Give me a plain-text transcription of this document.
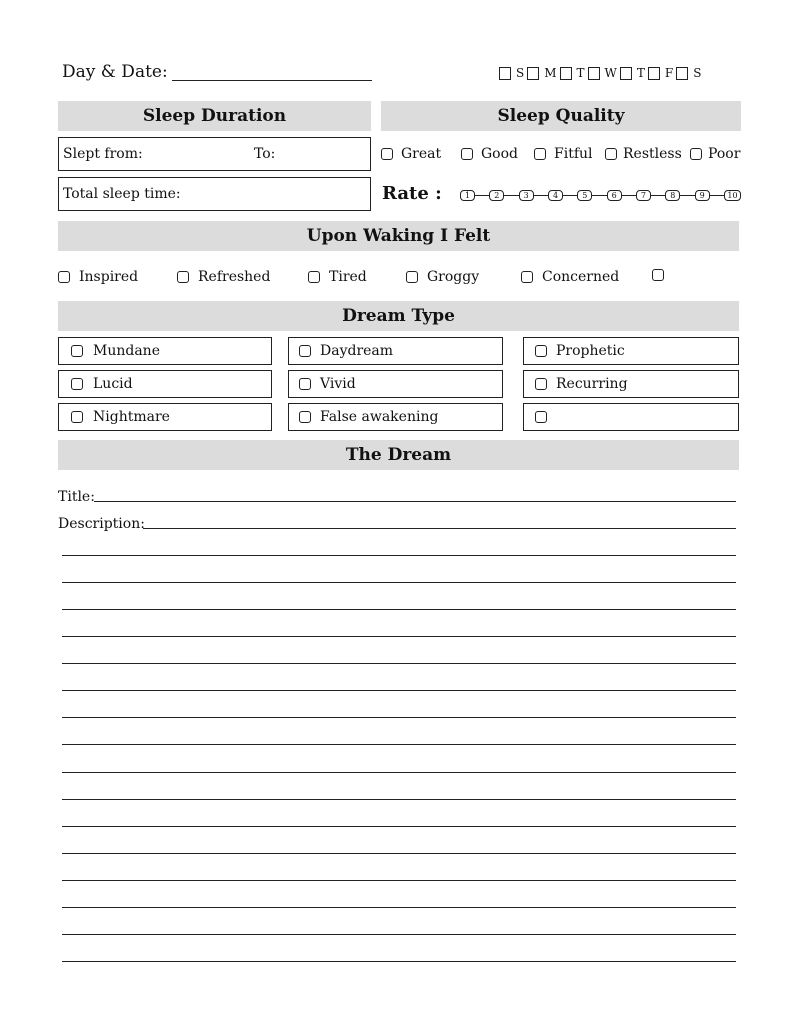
Day & Date:	S M T W T F S
Sleep Duration	Sleep Quality
Slept from:	To:
Total sleep time:
Great	Good	Fitful Restless Poor
Rate :	1	2	3	4	5	6	7	8	9	10
Upon Waking I Felt
Inspired	Refreshed	Tired	Groggy	Concerned
Dream Type
Mundane	Daydream	Prophetic
Lucid	Vivid	Recurring
Nightmare	False awakening
The Dream
Title:
Description:
